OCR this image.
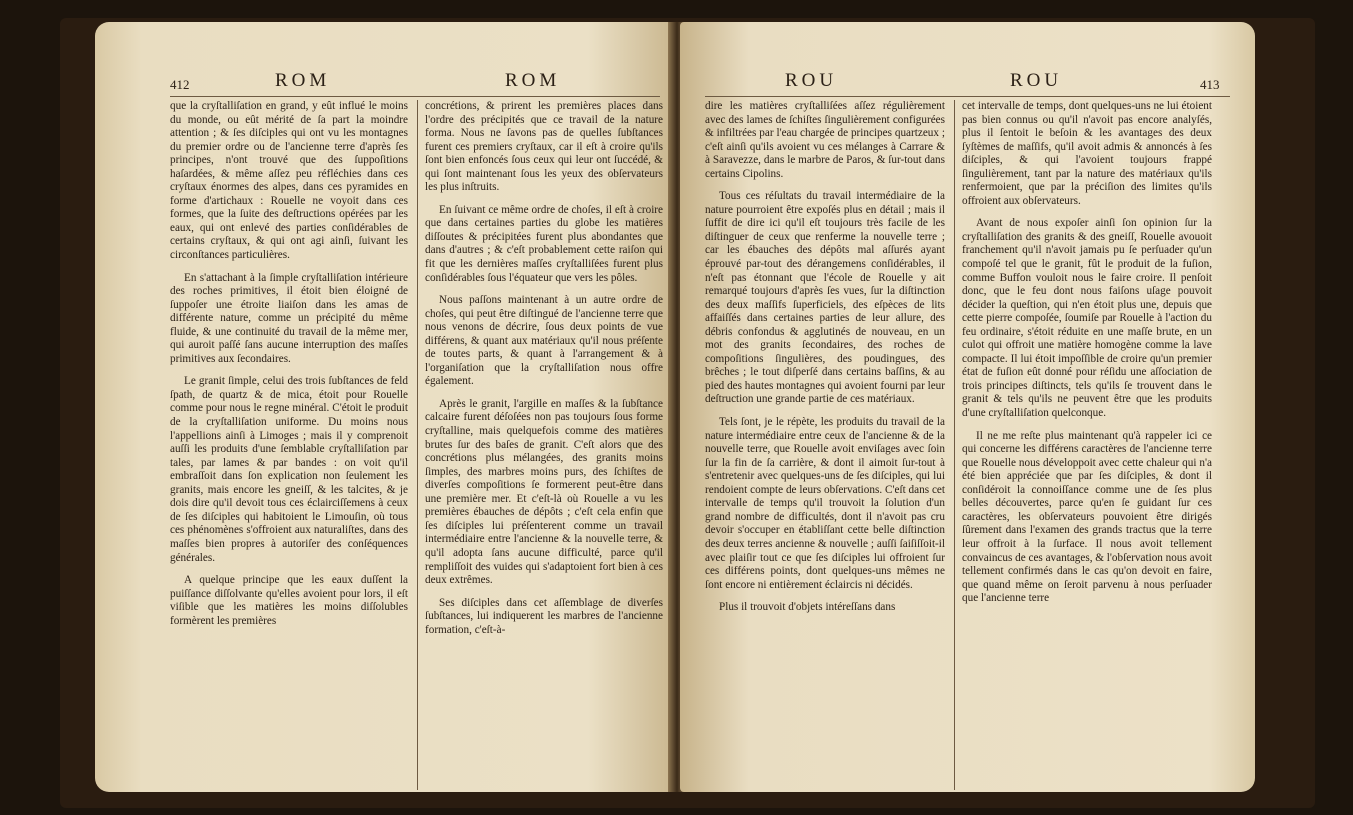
412	ROM	ROM

que la cryſtalliſation en grand, y eût influé le moins du monde, ou eût mérité de ſa part la moindre attention ; & ſes diſciples qui ont vu les montagnes du premier ordre ou de l'ancienne terre d'après ſes principes, n'ont trouvé que des ſuppoſitions haſardées, & même aſſez peu réfléchies dans ces cryſtaux énormes des alpes, dans ces pyramides en forme d'artichaux : Rouelle ne voyoit dans ces formes, que la ſuite des deſtructions opérées par les eaux, qui ont enlevé des parties conſidérables de certains cryſtaux, & qui ont agi ainſi, ſuivant les circonſtances particulières.

En s'attachant à la ſimple cryſtalliſation intérieure des roches primitives, il étoit bien éloigné de ſuppoſer une étroite liaiſon dans les amas de différente nature, comme un précipité du même fluide, & une continuité du travail de la même mer, qui auroit paſſé ſans aucune interruption des maſſes primitives aux ſecondaires.

Le granit ſimple, celui des trois ſubſtances de feld ſpath, de quartz & de mica, étoit pour Rouelle comme pour nous le regne minéral. C'étoit le produit de la cryſtalliſation uniforme. Du moins nous l'appellions ainſi à Limoges ; mais il y comprenoit auſſi les produits d'une ſemblable cryſtalliſation par tales, par lames & par bandes : on voit qu'il embraſſoit dans ſon explication non ſeulement les granits, mais encore les gneiſſ, & les talcites, & je dois dire qu'il devoit tous ces éclairciſſemens à ceux de ſes diſciples qui habitoient le Limouſin, où tous ces phénomènes s'offroient aux naturaliſtes, dans des maſſes bien propres à autoriſer des conſéquences générales.

A quelque principe que les eaux duſſent la puiſſance diſſolvante qu'elles avoient pour lors, il eſt viſible que les matières les moins diſſolubles formèrent les premières

concrétions, & prirent les premières places dans l'ordre des précipités que ce travail de la nature forma. Nous ne ſavons pas de quelles ſubſtances furent ces premiers cryſtaux, car il eſt à croire qu'ils ſont bien enfoncés ſous ceux qui leur ont ſuccédé, & qui ſont maintenant ſous les yeux des obſervateurs les plus inſtruits.

En ſuivant ce même ordre de choſes, il eſt à croire que dans certaines parties du globe les matières diſſoutes & précipitées furent plus abondantes que dans d'autres ; & c'eſt probablement cette raiſon qui fit que les dernières maſſes cryſtalliſées furent plus conſidérables ſous l'équateur que vers les pôles.

Nous paſſons maintenant à un autre ordre de choſes, qui peut être diſtingué de l'ancienne terre que nous venons de décrire, ſous deux points de vue différens, & quant aux matériaux qu'il nous préſente de toutes parts, & quant à l'arrangement & à l'organiſation que la cryſtalliſation nous offre également.

Après le granit, l'argille en maſſes & la ſubſtance calcaire furent déſoſées non pas toujours ſous forme cryſtalline, mais quelquefois comme des matières brutes ſur des baſes de granit. C'eſt alors que des concrétions plus mélangées, des granits moins ſimples, des marbres moins purs, des ſchiſtes de diverſes compoſitions ſe formerent peut-être dans une première mer. Et c'eſt-là où Rouelle a vu les premières ébauches de dépôts ; c'eſt cela enfin que ſes diſciples lui préſenterent comme un travail intermédiaire entre l'ancienne & la nouvelle terre, & qu'il adopta ſans aucune difficulté, parce qu'il rempliſſoit des vuides qui s'adaptoient fort bien à ces deux extrêmes.

Ses diſciples dans cet aſſemblage de diverſes ſubſtances, lui indiquerent les marbres de l'ancienne formation, c'eſt-à-

ROU	ROU	413

dire les matières cryſtalliſées aſſez régulièrement avec des lames de ſchiſtes ſingulièrement configurées & infiltrées par l'eau chargée de principes quartzeux ; c'eſt ainſi qu'ils avoient vu ces mélanges à Carrare & à Saravezze, dans le marbre de Paros, & ſur-tout dans certains Cipolins.

Tous ces réſultats du travail intermédiaire de la nature pourroient être expoſés plus en détail ; mais il ſuffit de dire ici qu'il eſt toujours très facile de les diſtinguer de ceux que renferme la nouvelle terre ; car les ébauches des dépôts mal aſſurés ayant éprouvé par-tout des dérangemens conſidérables, il n'eſt pas étonnant que l'école de Rouelle y ait remarqué toujours d'après ſes vues, ſur la diſtinction des deux maſſifs ſuperficiels, des eſpèces de lits affaiſſés dans certaines parties de leur allure, des débris confondus & agglutinés de nouveau, en un mot des granits ſecondaires, des roches de compoſitions ſingulières, des poudingues, des brêches ; le tout diſperſé dans certains baſſins, & au pied des hautes montagnes qui avoient fourni par leur deſtruction une grande partie de ces matériaux.

Tels ſont, je le répète, les produits du travail de la nature intermédiaire entre ceux de l'ancienne & de la nouvelle terre, que Rouelle avoit enviſages avec ſoin ſur la fin de ſa carrière, & dont il aimoit ſur-tout à s'entretenir avec quelques-uns de ſes diſciples, qui lui rendoient compte de leurs obſervations. C'eſt dans cet intervalle de temps qu'il trouvoit la ſolution d'un grand nombre de difficultés, dont il n'avoit pas cru devoir s'occuper en établiſſant cette belle diſtinction des deux terres ancienne & nouvelle ; auſſi ſaiſiſſoit-il avec plaiſir tout ce que ſes diſciples lui offroient ſur ces différens points, dont quelques-uns mêmes ne ſont encore ni entièrement éclaircis ni décidés.

Plus il trouvoit d'objets intéreſſans dans

cet intervalle de temps, dont quelques-uns ne lui étoient pas bien connus ou qu'il n'avoit pas encore analyſés, plus il ſentoit le beſoin & les avantages des deux ſyſtèmes de maſſifs, qu'il avoit admis & annoncés à ſes diſciples, & qui l'avoient toujours frappé ſingulièrement, tant par la nature des matériaux qu'ils renfermoient, que par la préciſion des limites qu'ils offroient aux obſervateurs.

Avant de nous expoſer ainſi ſon opinion ſur la cryſtalliſation des granits & des gneiſſ, Rouelle avouoit franchement qu'il n'avoit jamais pu ſe perſuader qu'un compoſé tel que le granit, fût le produit de la fuſion, comme Buffon vouloit nous le faire croire. Il penſoit donc, que le feu dont nous faiſons uſage pouvoit décider la queſtion, qui n'en étoit plus une, depuis que cette pierre compoſée, ſoumiſe par Rouelle à l'action du feu ordinaire, s'étoit réduite en une maſſe brute, en un culot qui offroit une matière homogène comme la lave compacte. Il lui étoit impoſſible de croire qu'un premier état de fuſion eût donné pour réſidu une aſſociation de trois principes diſtincts, tels qu'ils ſe trouvent dans le granit & tels qu'ils ne peuvent être que les produits d'une cryſtalliſation quelconque.

Il ne me reſte plus maintenant qu'à rappeler ici ce qui concerne les différens caractères de l'ancienne terre que Rouelle nous développoit avec cette chaleur qui n'a été bien appréciée que par ſes diſciples, & dont il conſidéroit la connoiſſance comme une de ſes plus belles découvertes, parce qu'en ſe guidant ſur ces caractères, les obſervateurs pouvoient être dirigés ſûrement dans l'examen des grands tractus que la terre leur offroit à la ſurface. Il nous avoit tellement convaincus de ces avantages, & l'obſervation nous avoit tellement confirmés dans le cas qu'on devoit en faire, que quand même on ſeroit parvenu à nous perſuader que l'ancienne terre
